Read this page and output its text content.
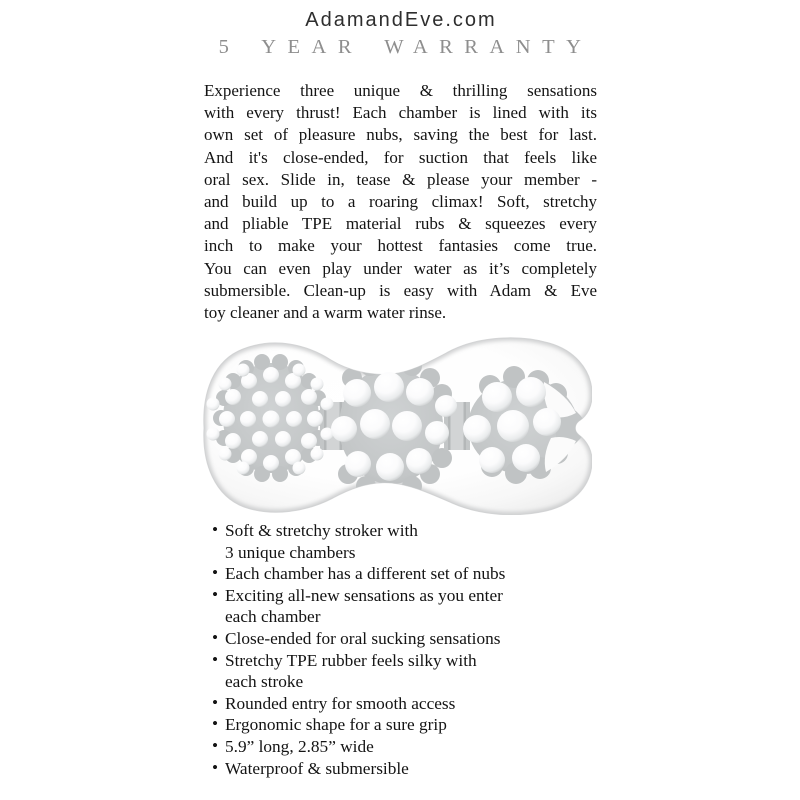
AdamandEve.com
5 YEAR WARRANTY
Experience three unique & thrilling sensations
with every thrust! Each chamber is lined with its
own set of pleasure nubs, saving the best for last.
And it's close-ended, for suction that feels like
oral sex. Slide in, tease & please your member -
and build up to a roaring climax! Soft, stretchy
and pliable TPE material rubs & squeezes every
inch to make your hottest fantasies come true.
You can even play under water as it’s completely
submersible. Clean-up is easy with Adam & Eve
toy cleaner and a warm water rinse.
• Soft & stretchy stroker with
3 unique chambers
• Each chamber has a different set of nubs
• Exciting all-new sensations as you enter
each chamber
• Close-ended for oral sucking sensations
• Stretchy TPE rubber feels silky with
each stroke
• Rounded entry for smooth access
• Ergonomic shape for a sure grip
• 5.9” long, 2.85” wide
• Waterproof & submersible
